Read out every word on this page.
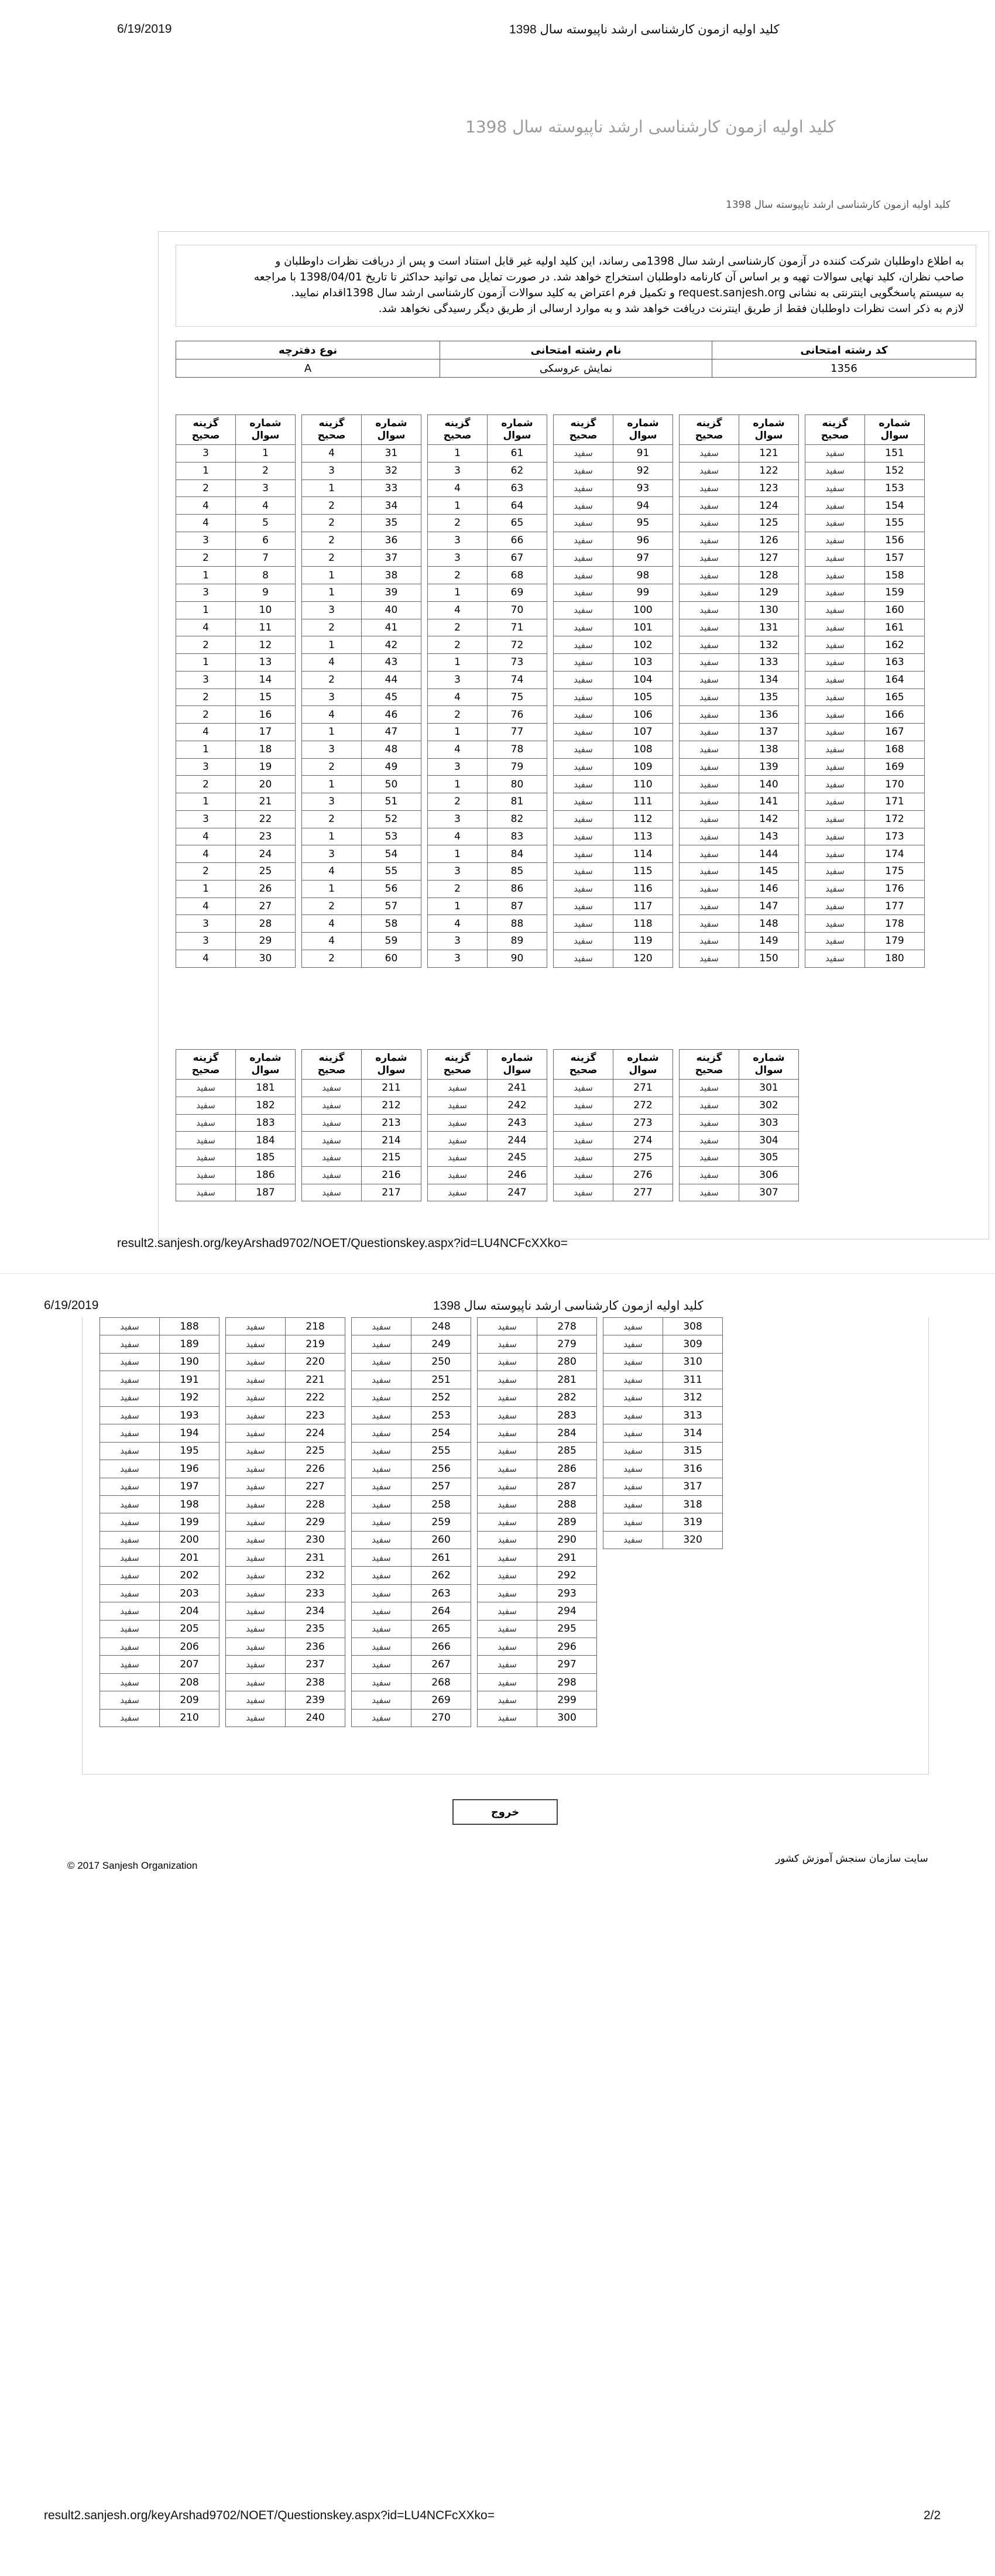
6/19/2019	کلید اولیه ازمون کارشناسی ارشد ناپیوسته سال 1398
کلید اولیه ازمون کارشناسی ارشد ناپیوسته سال 1398
کلید اولیه ازمون کارشناسی ارشد ناپیوسته سال 1398
به اطلاع داوطلبان شرکت کننده در آزمون کارشناسی ارشد سال 1398می رساند، این کلید اولیه غیر قابل استناد است و پس از دریافت نظرات داوطلبان و
صاحب نظران، کلید نهایی سوالات تهیه و بر اساس آن کارنامه داوطلبان استخراج خواهد شد. در صورت تمایل می توانید حداکثر تا تاریخ 1398/04/01 با مراجعه
به سیستم پاسخگویی اینترنتی به نشانی request.sanjesh.org و تکمیل فرم اعتراض به کلید سوالات آزمون کارشناسی ارشد سال 1398اقدام نمایید.
لازم به ذکر است نظرات داوطلبان فقط از طریق اینترنت دریافت خواهد شد و به موارد ارسالی از طریق دیگر رسیدگی نخواهد شد.
کد رشته امتحانی	نام رشته امتحانی	نوع دفترچه
1356	نمایش عروسکی	A
شماره
سوال	گزینه
صحیح
1	3
2	1
3	2
4	4
5	4
6	3
7	2
8	1
9	3
10	1
11	4
12	2
13	1
14	3
15	2
16	2
17	4
18	1
19	3
20	2
21	1
22	3
23	4
24	4
25	2
26	1
27	4
28	3
29	3
30	4
شماره
سوال	گزینه
صحیح
31	4
32	3
33	1
34	2
35	2
36	2
37	2
38	1
39	1
40	3
41	2
42	1
43	4
44	2
45	3
46	4
47	1
48	3
49	2
50	1
51	3
52	2
53	1
54	3
55	4
56	1
57	2
58	4
59	4
60	2
شماره
سوال	گزینه
صحیح
61	1
62	3
63	4
64	1
65	2
66	3
67	3
68	2
69	1
70	4
71	2
72	2
73	1
74	3
75	4
76	2
77	1
78	4
79	3
80	1
81	2
82	3
83	4
84	1
85	3
86	2
87	1
88	4
89	3
90	3
شماره
سوال	گزینه
صحیح
91	سفید
92	سفید
93	سفید
94	سفید
95	سفید
96	سفید
97	سفید
98	سفید
99	سفید
100	سفید
101	سفید
102	سفید
103	سفید
104	سفید
105	سفید
106	سفید
107	سفید
108	سفید
109	سفید
110	سفید
111	سفید
112	سفید
113	سفید
114	سفید
115	سفید
116	سفید
117	سفید
118	سفید
119	سفید
120	سفید
شماره
سوال	گزینه
صحیح
121	سفید
122	سفید
123	سفید
124	سفید
125	سفید
126	سفید
127	سفید
128	سفید
129	سفید
130	سفید
131	سفید
132	سفید
133	سفید
134	سفید
135	سفید
136	سفید
137	سفید
138	سفید
139	سفید
140	سفید
141	سفید
142	سفید
143	سفید
144	سفید
145	سفید
146	سفید
147	سفید
148	سفید
149	سفید
150	سفید
شماره
سوال	گزینه
صحیح
151	سفید
152	سفید
153	سفید
154	سفید
155	سفید
156	سفید
157	سفید
158	سفید
159	سفید
160	سفید
161	سفید
162	سفید
163	سفید
164	سفید
165	سفید
166	سفید
167	سفید
168	سفید
169	سفید
170	سفید
171	سفید
172	سفید
173	سفید
174	سفید
175	سفید
176	سفید
177	سفید
178	سفید
179	سفید
180	سفید
شماره
سوال	گزینه
صحیح
181	سفید
182	سفید
183	سفید
184	سفید
185	سفید
186	سفید
187	سفید
شماره
سوال	گزینه
صحیح
211	سفید
212	سفید
213	سفید
214	سفید
215	سفید
216	سفید
217	سفید
شماره
سوال	گزینه
صحیح
241	سفید
242	سفید
243	سفید
244	سفید
245	سفید
246	سفید
247	سفید
شماره
سوال	گزینه
صحیح
271	سفید
272	سفید
273	سفید
274	سفید
275	سفید
276	سفید
277	سفید
شماره
سوال	گزینه
صحیح
301	سفید
302	سفید
303	سفید
304	سفید
305	سفید
306	سفید
307	سفید
result2.sanjesh.org/keyArshad9702/NOET/Questionskey.aspx?id=LU4NCFcXXko=
6/19/2019	کلید اولیه ازمون کارشناسی ارشد ناپیوسته سال 1398
188	سفید
189	سفید
190	سفید
191	سفید
192	سفید
193	سفید
194	سفید
195	سفید
196	سفید
197	سفید
198	سفید
199	سفید
200	سفید
201	سفید
202	سفید
203	سفید
204	سفید
205	سفید
206	سفید
207	سفید
208	سفید
209	سفید
210	سفید
218	سفید
219	سفید
220	سفید
221	سفید
222	سفید
223	سفید
224	سفید
225	سفید
226	سفید
227	سفید
228	سفید
229	سفید
230	سفید
231	سفید
232	سفید
233	سفید
234	سفید
235	سفید
236	سفید
237	سفید
238	سفید
239	سفید
240	سفید
248	سفید
249	سفید
250	سفید
251	سفید
252	سفید
253	سفید
254	سفید
255	سفید
256	سفید
257	سفید
258	سفید
259	سفید
260	سفید
261	سفید
262	سفید
263	سفید
264	سفید
265	سفید
266	سفید
267	سفید
268	سفید
269	سفید
270	سفید
278	سفید
279	سفید
280	سفید
281	سفید
282	سفید
283	سفید
284	سفید
285	سفید
286	سفید
287	سفید
288	سفید
289	سفید
290	سفید
291	سفید
292	سفید
293	سفید
294	سفید
295	سفید
296	سفید
297	سفید
298	سفید
299	سفید
300	سفید
308	سفید
309	سفید
310	سفید
311	سفید
312	سفید
313	سفید
314	سفید
315	سفید
316	سفید
317	سفید
318	سفید
319	سفید
320	سفید
خروج
© 2017 Sanjesh Organization
سایت سازمان سنجش آموزش کشور
result2.sanjesh.org/keyArshad9702/NOET/Questionskey.aspx?id=LU4NCFcXXko=	2/2
